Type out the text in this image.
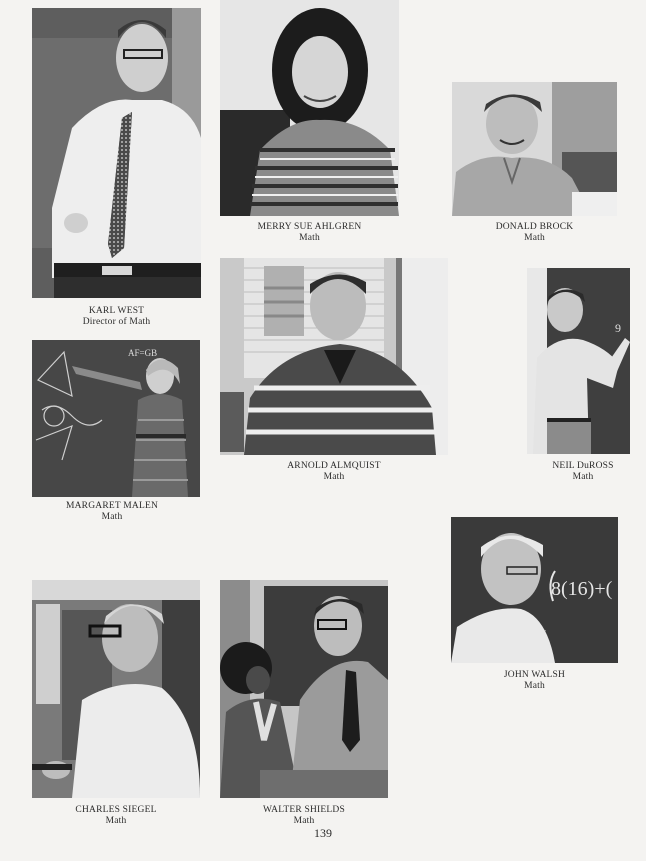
KARL WEST
Director of Math
MERRY SUE AHLGREN
Math
DONALD BROCK
Math
ARNOLD ALMQUIST
Math
9
NEIL DuROSS
Math
AF=GB
MARGARET MALEN
Math
8(16)+(
JOHN WALSH
Math
CHARLES SIEGEL
Math
WALTER SHIELDS
Math
139
